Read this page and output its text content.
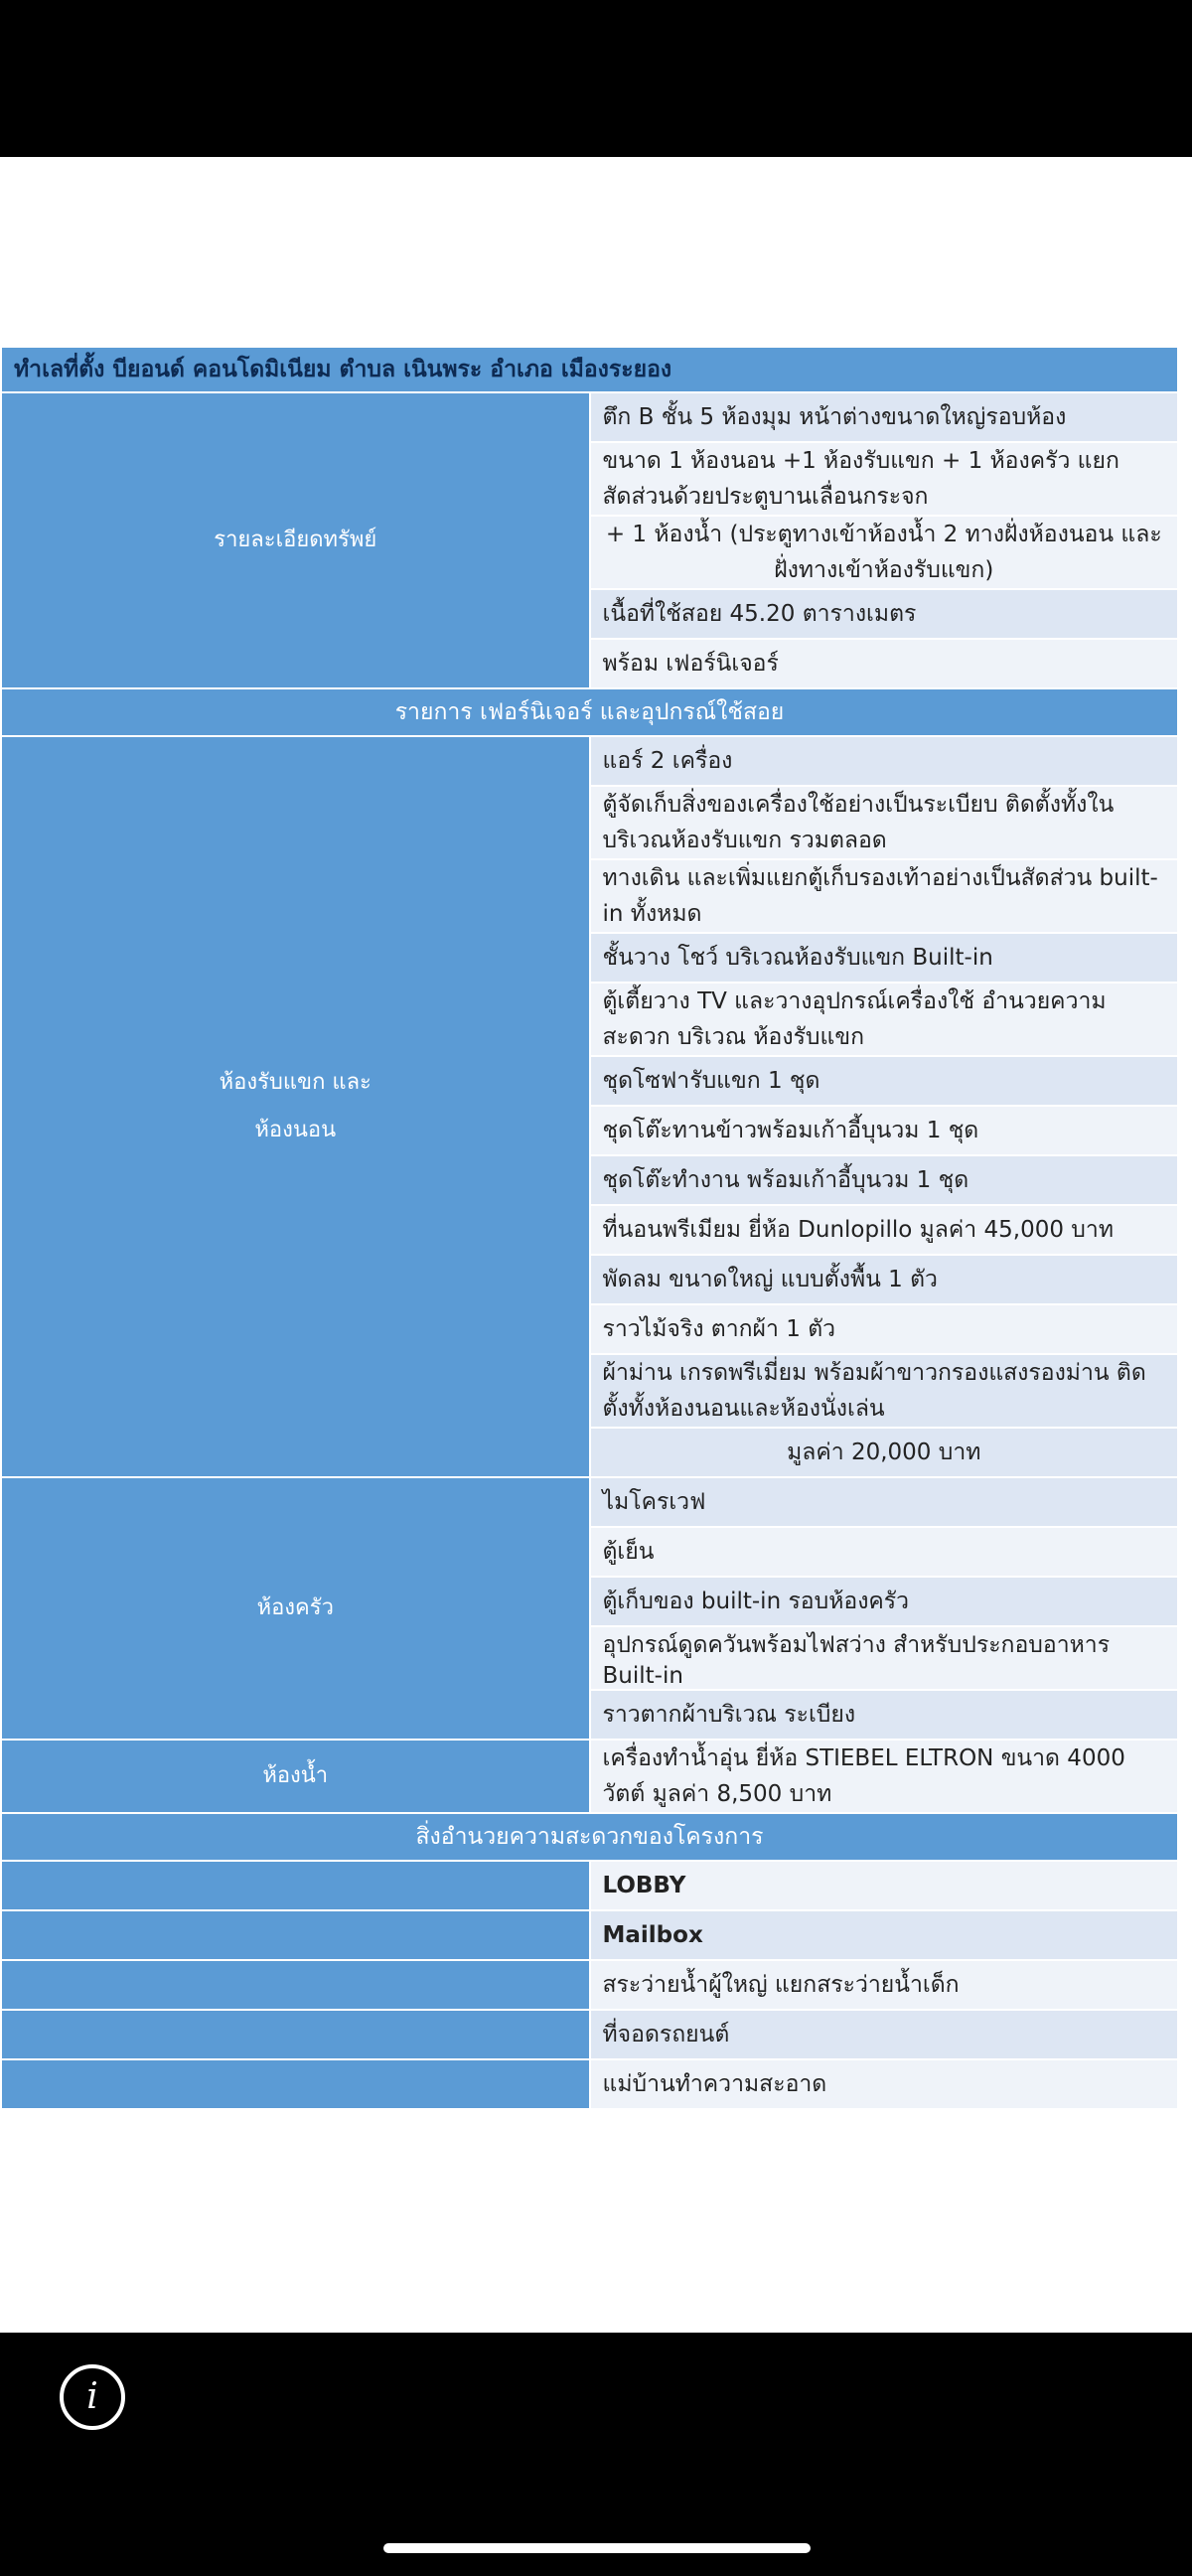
ทำเลที่ตั้ง บียอนด์ คอนโดมิเนียม ตำบล เนินพระ อำเภอ เมืองระยอง	
รายละเอียดทรัพย์	ตึก B ชั้น 5 ห้องมุม หน้าต่างขนาดใหญ่รอบห้อง
	ขนาด 1 ห้องนอน +1 ห้องรับแขก + 1 ห้องครัว แยกสัดส่วนด้วยประตูบานเลื่อนกระจก

	+ 1 ห้องน้ำ (ประตูทางเข้าห้องน้ำ 2 ทางฝั่งห้องนอน และฝั่งทางเข้าห้องรับแขก)

	เนื้อที่ใช้สอย 45.20 ตารางเมตร
	พร้อม เฟอร์นิเจอร์
รายการ เฟอร์นิเจอร์ และอุปกรณ์ใช้สอย	

ห้องรับแขก และ
ห้องนอน	แอร์ 2 เครื่อง
	ตู้จัดเก็บสิ่งของเครื่องใช้อย่างเป็นระเบียบ ติดตั้งทั้งในบริเวณห้องรับแขก รวมตลอด
	ทางเดิน และเพิ่มแยกตู้เก็บรองเท้าอย่างเป็นสัดส่วน built-in ทั้งหมด
	ชั้นวาง โชว์ บริเวณห้องรับแขก Built-in
	ตู้เตี้ยวาง TV และวางอุปกรณ์เครื่องใช้ อำนวยความสะดวก บริเวณ ห้องรับแขก
	ชุดโซฟารับแขก 1 ชุด
	ชุดโต๊ะทานข้าวพร้อมเก้าอี้บุนวม 1 ชุด
	ชุดโต๊ะทำงาน พร้อมเก้าอี้บุนวม 1 ชุด
	ที่นอนพรีเมียม ยี่ห้อ Dunlopillo มูลค่า 45,000 บาท
	พัดลม ขนาดใหญ่ แบบตั้งพื้น 1 ตัว
	ราวไม้จริง ตากผ้า 1 ตัว
	ผ้าม่าน เกรดพรีเมี่ยม พร้อมผ้าขาวกรองแสงรองม่าน ติดตั้งทั้งห้องนอนและห้องนั่งเล่น

	มูลค่า 20,000 บาท

ห้องครัว	ไมโครเวฟ
	ตู้เย็น
	ตู้เก็บของ built-in รอบห้องครัว
	อุปกรณ์ดูดควันพร้อมไฟสว่าง สำหรับประกอบอาหาร Built-in
	ราวตากผ้าบริเวณ ระเบียง
ห้องน้ำ	เครื่องทำน้ำอุ่น ยี่ห้อ STIEBEL ELTRON ขนาด 4000 วัตต์ มูลค่า 8,500 บาท
สิ่งอำนวยความสะดวกของโครงการ	
	LOBBY
	Mailbox
	สระว่ายน้ำผู้ใหญ่ แยกสระว่ายน้ำเด็ก
	ที่จอดรถยนต์
	แม่บ้านทำความสะอาด
i
